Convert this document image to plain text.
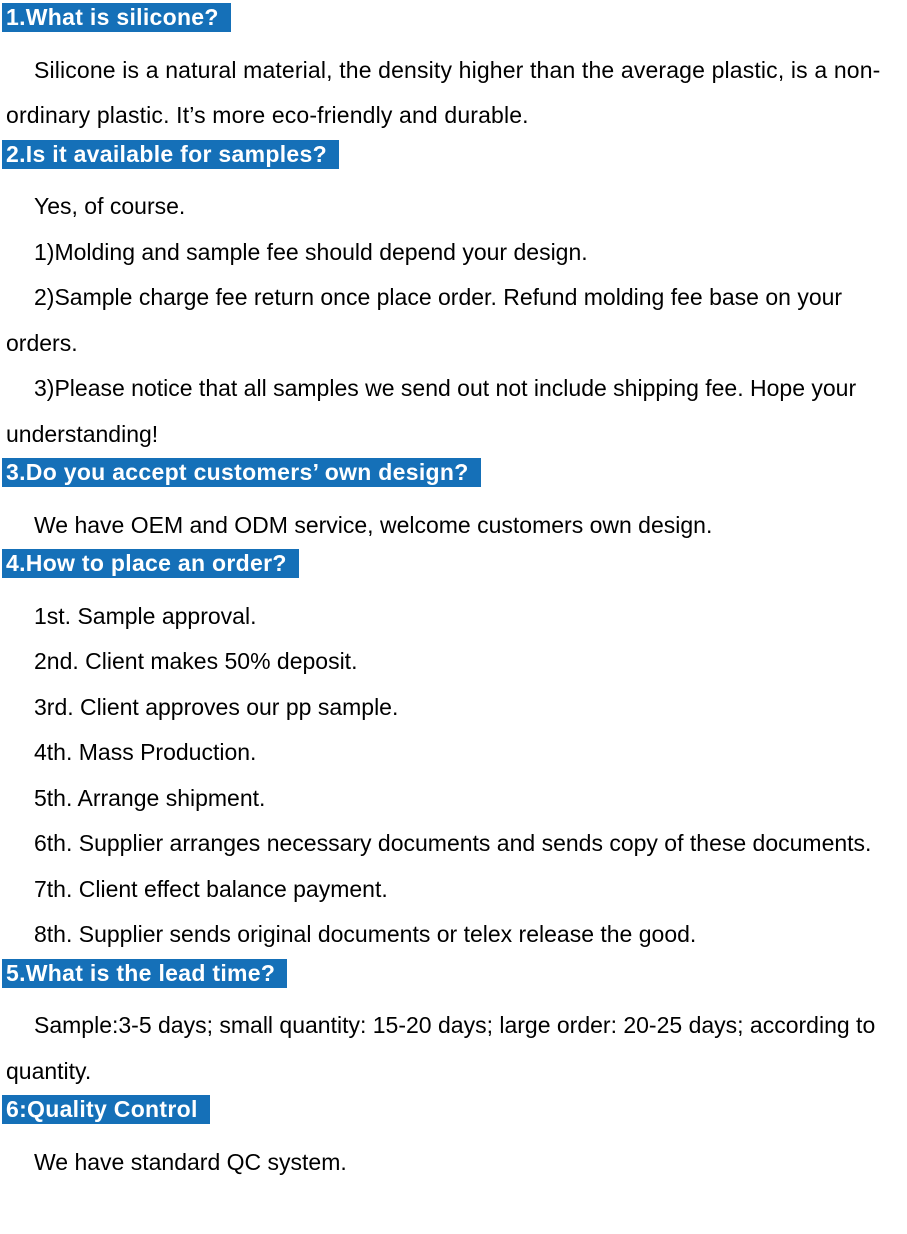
1.What is silicone?

Silicone is a natural material, the density higher than the average plastic, is a non-ordinary plastic. It’s more eco-friendly and durable.

2.Is it available for samples?

Yes, of course.

1)Molding and sample fee should depend your design.

2)Sample charge fee return once place order. Refund molding fee base on your orders.

3)Please notice that all samples we send out not include shipping fee. Hope your understanding!

3.Do you accept customers’ own design?

We have OEM and ODM service, welcome customers own design.

4.How to place an order?

1st. Sample approval.

2nd. Client makes 50% deposit.

3rd. Client approves our pp sample.

4th. Mass Production.

5th. Arrange shipment.

6th. Supplier arranges necessary documents and sends copy of these documents.

7th. Client effect balance payment.

8th. Supplier sends original documents or telex release the good.

5.What is the lead time?

Sample:3-5 days; small quantity: 15-20 days; large order: 20-25 days; according to quantity.

6:Quality Control

We have standard QC system.
